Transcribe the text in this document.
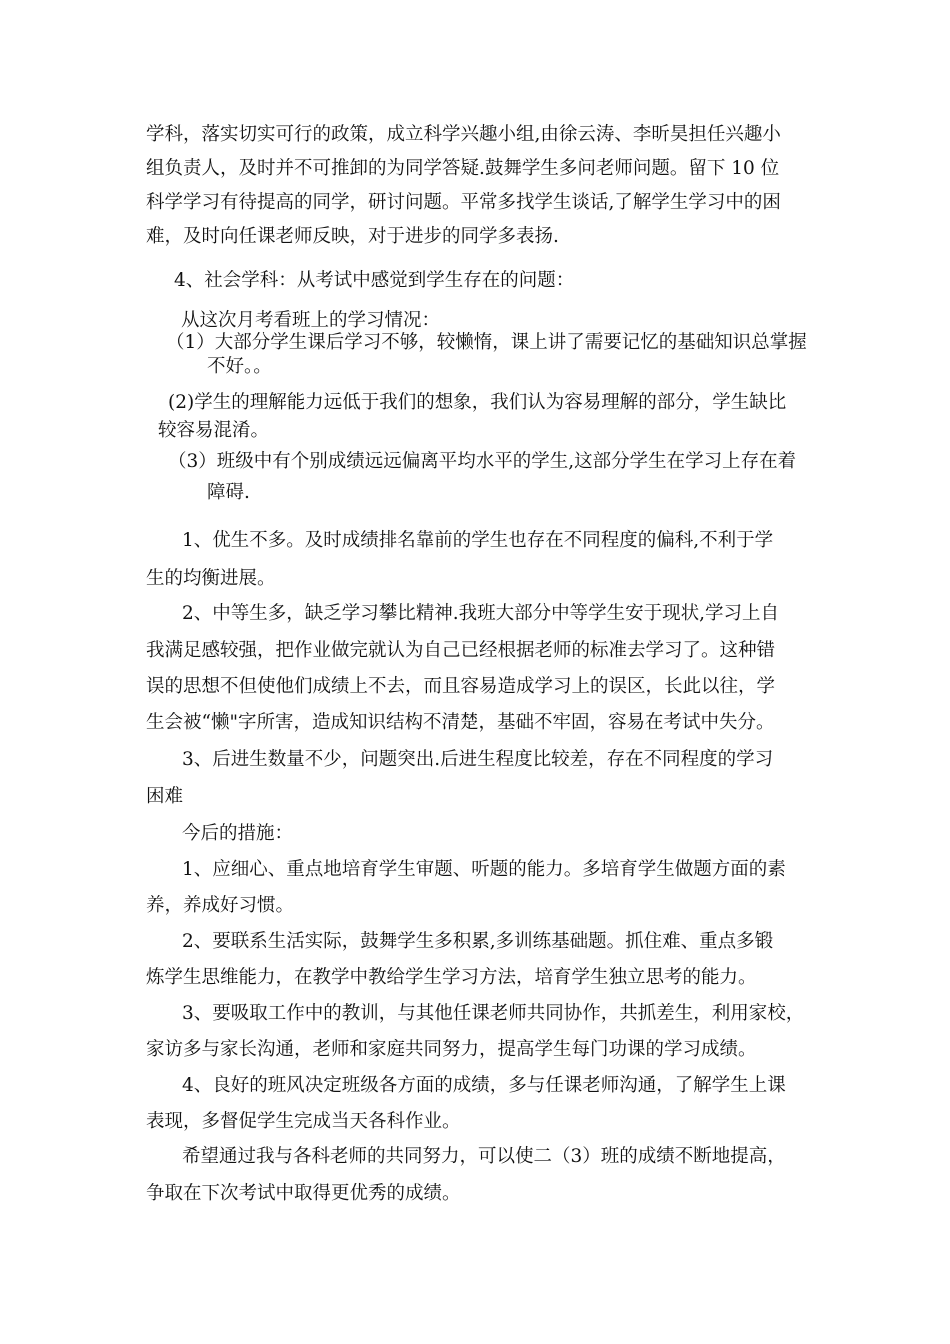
学科，落实切实可行的政策，成立科学兴趣小组,由徐云涛、李昕昊担任兴趣小
组负责人，及时并不可推卸的为同学答疑.鼓舞学生多问老师问题。留下 10 位
科学学习有待提高的同学，研讨问题。平常多找学生谈话,了解学生学习中的困
难，及时向任课老师反映，对于进步的同学多表扬.
4、社会学科：从考试中感觉到学生存在的问题：
从这次月考看班上的学习情况：
（1）大部分学生课后学习不够，较懒惰，课上讲了需要记忆的基础知识总掌握
不好。。
(2)学生的理解能力远低于我们的想象，我们认为容易理解的部分，学生缺比
较容易混淆。
（3）班级中有个别成绩远远偏离平均水平的学生,这部分学生在学习上存在着
障碍.
1、优生不多。及时成绩排名靠前的学生也存在不同程度的偏科,不利于学
生的均衡进展。
2、中等生多，缺乏学习攀比精神.我班大部分中等学生安于现状,学习上自
我满足感较强，把作业做完就认为自己已经根据老师的标准去学习了。这种错
误的思想不但使他们成绩上不去，而且容易造成学习上的误区，长此以往，学
生会被“懒"字所害，造成知识结构不清楚，基础不牢固，容易在考试中失分。
3、后进生数量不少，问题突出.后进生程度比较差，存在不同程度的学习
困难
今后的措施：
1、应细心、重点地培育学生审题、听题的能力。多培育学生做题方面的素
养，养成好习惯。
2、要联系生活实际，鼓舞学生多积累,多训练基础题。抓住难、重点多锻
炼学生思维能力，在教学中教给学生学习方法，培育学生独立思考的能力。
3、要吸取工作中的教训，与其他任课老师共同协作，共抓差生，利用家校，
家访多与家长沟通，老师和家庭共同努力，提高学生每门功课的学习成绩。
4、良好的班风决定班级各方面的成绩，多与任课老师沟通，了解学生上课
表现，多督促学生完成当天各科作业。
希望通过我与各科老师的共同努力，可以使二（3）班的成绩不断地提高，
争取在下次考试中取得更优秀的成绩。
